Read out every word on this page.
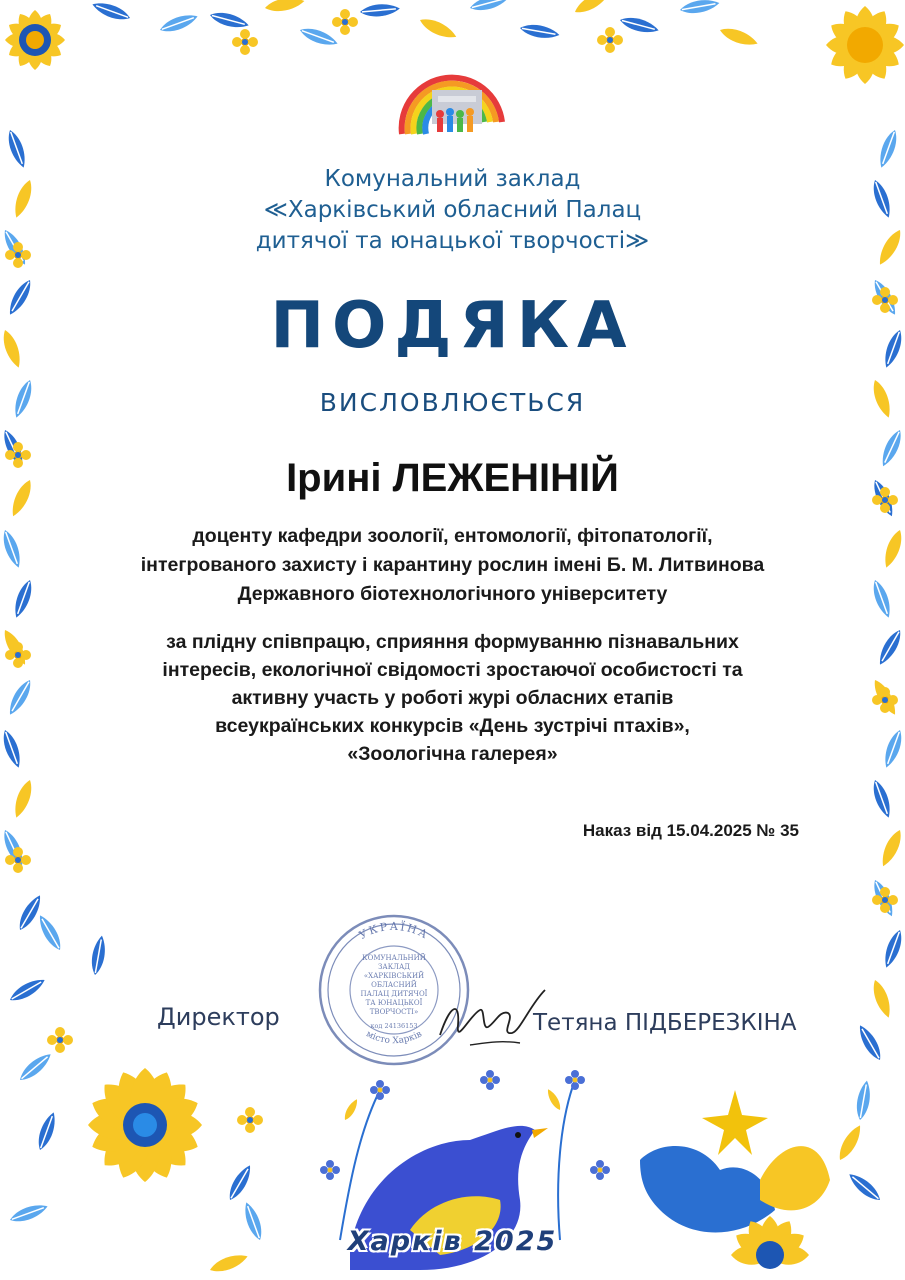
Комунальний заклад
≪Харківський обласний Палац
дитячої та юнацької творчості≫
ПОДЯКА
ВИСЛОВЛЮЄТЬСЯ
Ірині ЛЕЖЕНІНІЙ
доценту кафедри зоології, ентомології, фітопатології,
інтегрованого захисту і карантину рослин імені Б. М. Литвинова
Державного біотехнологічного університету
за плідну співпрацю, сприяння формуванню пізнавальних
інтересів, екологічної свідомості зростаючої особистості та
активну участь у роботі журі обласних етапів
всеукраїнських конкурсів «День зустрічі птахів»,
«Зоологічна галерея»
Наказ від 15.04.2025 № 35
УКРАЇНА
місто Харків
КОМУНАЛЬНИЙ
ЗАКЛАД
«ХАРКІВСЬКИЙ
ОБЛАСНИЙ
ПАЛАЦ ДИТЯЧОЇ
ТА ЮНАЦЬКОЇ
ТВОРЧОСТІ»
код 24136153
Директор	Тетяна ПІДБЕРЕЗКІНА
Харків 2025
